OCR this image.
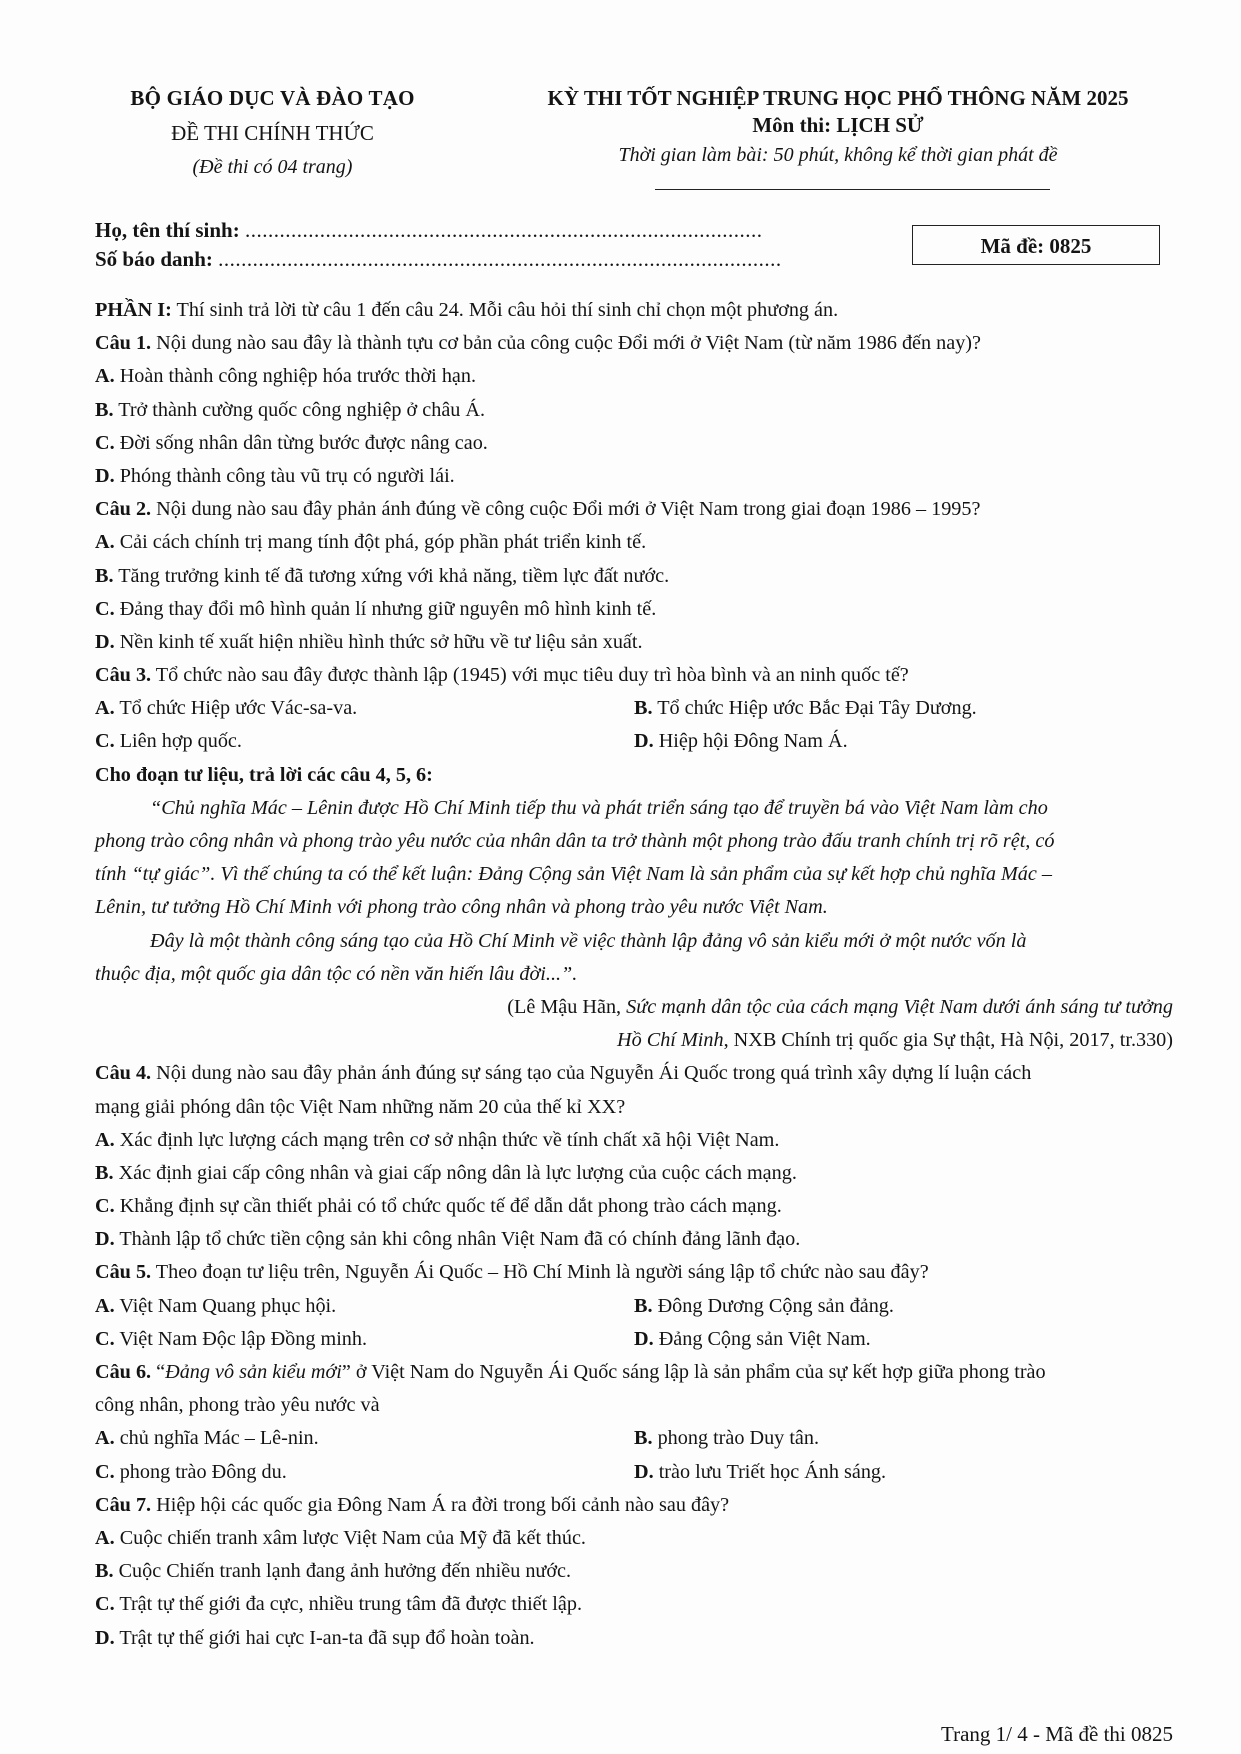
BỘ GIÁO DỤC VÀ ĐÀO TẠO
ĐỀ THI CHÍNH THỨC
(Đề thi có 04 trang)
KỲ THI TỐT NGHIỆP TRUNG HỌC PHỔ THÔNG NĂM 2025
Môn thi: LỊCH SỬ
Thời gian làm bài: 50 phút, không kể thời gian phát đề
Họ, tên thí sinh: ..........................................................................................
Số báo danh: ..................................................................................................
Mã đề: 0825
PHẦN I: Thí sinh trả lời từ câu 1 đến câu 24. Mỗi câu hỏi thí sinh chỉ chọn một phương án.
Câu 1. Nội dung nào sau đây là thành tựu cơ bản của công cuộc Đổi mới ở Việt Nam (từ năm 1986 đến nay)?
A. Hoàn thành công nghiệp hóa trước thời hạn.
B. Trở thành cường quốc công nghiệp ở châu Á.
C. Đời sống nhân dân từng bước được nâng cao.
D. Phóng thành công tàu vũ trụ có người lái.
Câu 2. Nội dung nào sau đây phản ánh đúng về công cuộc Đổi mới ở Việt Nam trong giai đoạn 1986 – 1995?
A. Cải cách chính trị mang tính đột phá, góp phần phát triển kinh tế.
B. Tăng trưởng kinh tế đã tương xứng với khả năng, tiềm lực đất nước.
C. Đảng thay đổi mô hình quản lí nhưng giữ nguyên mô hình kinh tế.
D. Nền kinh tế xuất hiện nhiều hình thức sở hữu về tư liệu sản xuất.
Câu 3. Tổ chức nào sau đây được thành lập (1945) với mục tiêu duy trì hòa bình và an ninh quốc tế?
A. Tổ chức Hiệp ước Vác-sa-va.	B. Tổ chức Hiệp ước Bắc Đại Tây Dương.
C. Liên hợp quốc.	D. Hiệp hội Đông Nam Á.
Cho đoạn tư liệu, trả lời các câu 4, 5, 6:
“Chủ nghĩa Mác – Lênin được Hồ Chí Minh tiếp thu và phát triển sáng tạo để truyền bá vào Việt Nam làm cho
phong trào công nhân và phong trào yêu nước của nhân dân ta trở thành một phong trào đấu tranh chính trị rõ rệt, có
tính “tự giác”. Vì thế chúng ta có thể kết luận: Đảng Cộng sản Việt Nam là sản phẩm của sự kết hợp chủ nghĩa Mác –
Lênin, tư tưởng Hồ Chí Minh với phong trào công nhân và phong trào yêu nước Việt Nam.
Đây là một thành công sáng tạo của Hồ Chí Minh về việc thành lập đảng vô sản kiểu mới ở một nước vốn là
thuộc địa, một quốc gia dân tộc có nền văn hiến lâu đời...”.
(Lê Mậu Hãn, Sức mạnh dân tộc của cách mạng Việt Nam dưới ánh sáng tư tưởng
Hồ Chí Minh, NXB Chính trị quốc gia Sự thật, Hà Nội, 2017, tr.330)
Câu 4. Nội dung nào sau đây phản ánh đúng sự sáng tạo của Nguyễn Ái Quốc trong quá trình xây dựng lí luận cách
mạng giải phóng dân tộc Việt Nam những năm 20 của thế kỉ XX?
A. Xác định lực lượng cách mạng trên cơ sở nhận thức về tính chất xã hội Việt Nam.
B. Xác định giai cấp công nhân và giai cấp nông dân là lực lượng của cuộc cách mạng.
C. Khẳng định sự cần thiết phải có tổ chức quốc tế để dẫn dắt phong trào cách mạng.
D. Thành lập tổ chức tiền cộng sản khi công nhân Việt Nam đã có chính đảng lãnh đạo.
Câu 5. Theo đoạn tư liệu trên, Nguyễn Ái Quốc – Hồ Chí Minh là người sáng lập tổ chức nào sau đây?
A. Việt Nam Quang phục hội.	B. Đông Dương Cộng sản đảng.
C. Việt Nam Độc lập Đồng minh.	D. Đảng Cộng sản Việt Nam.
Câu 6. “Đảng vô sản kiểu mới” ở Việt Nam do Nguyễn Ái Quốc sáng lập là sản phẩm của sự kết hợp giữa phong trào
công nhân, phong trào yêu nước và
A. chủ nghĩa Mác – Lê-nin.	B. phong trào Duy tân.
C. phong trào Đông du.	D. trào lưu Triết học Ánh sáng.
Câu 7. Hiệp hội các quốc gia Đông Nam Á ra đời trong bối cảnh nào sau đây?
A. Cuộc chiến tranh xâm lược Việt Nam của Mỹ đã kết thúc.
B. Cuộc Chiến tranh lạnh đang ảnh hưởng đến nhiều nước.
C. Trật tự thế giới đa cực, nhiều trung tâm đã được thiết lập.
D. Trật tự thế giới hai cực I-an-ta đã sụp đổ hoàn toàn.
Trang 1/ 4 - Mã đề thi 0825
